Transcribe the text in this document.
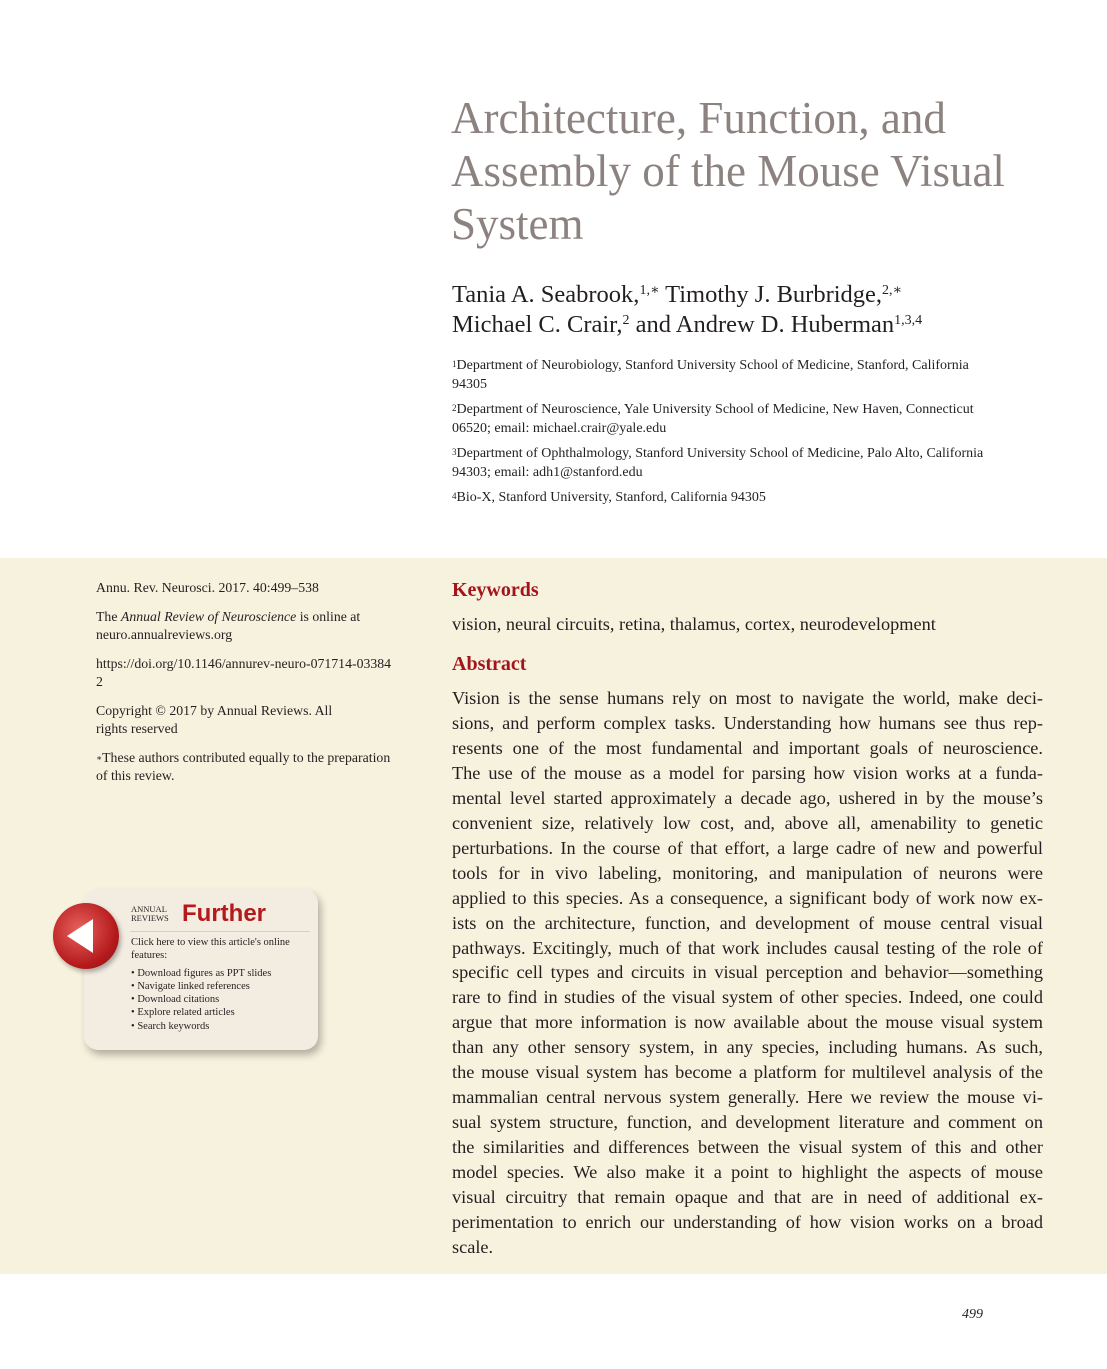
Architecture, Function, and Assembly of the Mouse Visual System
Tania A. Seabrook,$^{1,∗}$ Timothy J. Burbridge,$^{2,∗}$
Michael C. Crair,$^2$ and Andrew D. Huberman$^{1,3,4}$
$^1$Department of Neurobiology, Stanford University School of Medicine, Stanford, California 94305
$^2$Department of Neuroscience, Yale University School of Medicine, New Haven, Connecticut 06520; email: michael.crair@yale.edu
$^3$Department of Ophthalmology, Stanford University School of Medicine, Palo Alto, California 94303; email: adh1@stanford.edu
$^4$Bio-X, Stanford University, Stanford, California 94305

Annu. Rev. Neurosci. 2017. 40:499–538

The Annual Review of Neuroscience is online at neuro.annualreviews.org

https://doi.org/10.1146/annurev-neuro-071714-033842

Copyright © 2017 by Annual Reviews. All rights reserved

∗These authors contributed equally to the preparation of this review.

ANNUAL
REVIEWS Further
Click here to view this article's online features:
• Download figures as PPT slides
• Navigate linked references
• Download citations
• Explore related articles
• Search keywords
Keywords
vision, neural circuits, retina, thalamus, cortex, neurodevelopment
Abstract
Vision is the sense humans rely on most to navigate the world, make deci-
sions, and perform complex tasks. Understanding how humans see thus rep-
resents one of the most fundamental and important goals of neuroscience.
The use of the mouse as a model for parsing how vision works at a funda-
mental level started approximately a decade ago, ushered in by the mouse’s
convenient size, relatively low cost, and, above all, amenability to genetic
perturbations. In the course of that effort, a large cadre of new and powerful
tools for in vivo labeling, monitoring, and manipulation of neurons were
applied to this species. As a consequence, a significant body of work now ex-
ists on the architecture, function, and development of mouse central visual
pathways. Excitingly, much of that work includes causal testing of the role of
specific cell types and circuits in visual perception and behavior—something
rare to find in studies of the visual system of other species. Indeed, one could
argue that more information is now available about the mouse visual system
than any other sensory system, in any species, including humans. As such,
the mouse visual system has become a platform for multilevel analysis of the
mammalian central nervous system generally. Here we review the mouse vi-
sual system structure, function, and development literature and comment on
the similarities and differences between the visual system of this and other
model species. We also make it a point to highlight the aspects of mouse
visual circuitry that remain opaque and that are in need of additional ex-
perimentation to enrich our understanding of how vision works on a broad
scale.
499
